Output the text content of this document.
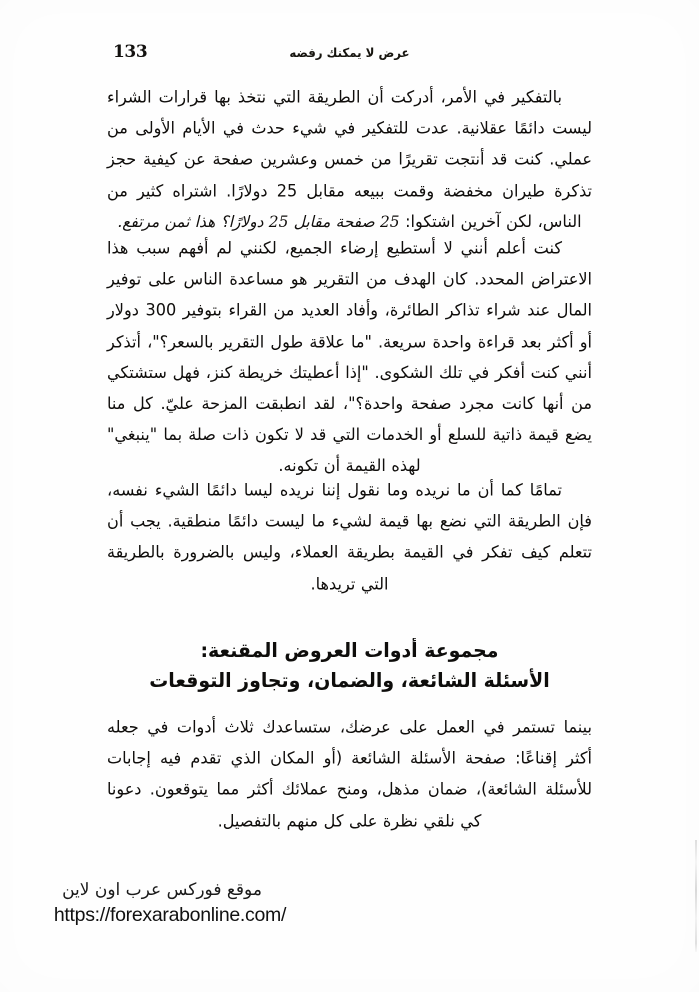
133	عرض لا يمكنك رفضه

بالتفكير في الأمر، أدركت أن الطريقة التي نتخذ بها قرارات الشراء ليست دائمًا عقلانية. عدت للتفكير في شيء حدث في الأيام الأولى من عملي. كنت قد أنتجت تقريرًا من خمس وعشرين صفحة عن كيفية حجز تذكرة طيران مخفضة وقمت ببيعه مقابل 25 دولارًا. اشتراه كثير من الناس، لكن آخرين اشتكوا: 25 صفحة مقابل 25 دولارًا؟ هذا ثمن مرتفع.

كنت أعلم أنني لا أستطيع إرضاء الجميع، لكنني لم أفهم سبب هذا الاعتراض المحدد. كان الهدف من التقرير هو مساعدة الناس على توفير المال عند شراء تذاكر الطائرة، وأفاد العديد من القراء بتوفير 300 دولار أو أكثر بعد قراءة واحدة سريعة. "ما علاقة طول التقرير بالسعر؟"، أتذكر أنني كنت أفكر في تلك الشكوى. "إذا أعطيتك خريطة كنز، فهل ستشتكي من أنها كانت مجرد صفحة واحدة؟"، لقد انطبقت المزحة عليّ. كل منا يضع قيمة ذاتية للسلع أو الخدمات التي قد لا تكون ذات صلة بما "ينبغي" لهذه القيمة أن تكونه.

تمامًا كما أن ما نريده وما نقول إننا نريده ليسا دائمًا الشيء نفسه، فإن الطريقة التي نضع بها قيمة لشيء ما ليست دائمًا منطقية. يجب أن تتعلم كيف تفكر في القيمة بطريقة العملاء، وليس بالضرورة بالطريقة التي تريدها.

مجموعة أدوات العروض المقنعة:
الأسئلة الشائعة، والضمان، وتجاوز التوقعات

بينما تستمر في العمل على عرضك، ستساعدك ثلاث أدوات في جعله أكثر إقناعًا: صفحة الأسئلة الشائعة (أو المكان الذي تقدم فيه إجابات للأسئلة الشائعة)، ضمان مذهل، ومنح عملائك أكثر مما يتوقعون. دعونا كي نلقي نظرة على كل منهم بالتفصيل.

موقع فوركس عرب اون لاين
https://forexarabonline.com/
